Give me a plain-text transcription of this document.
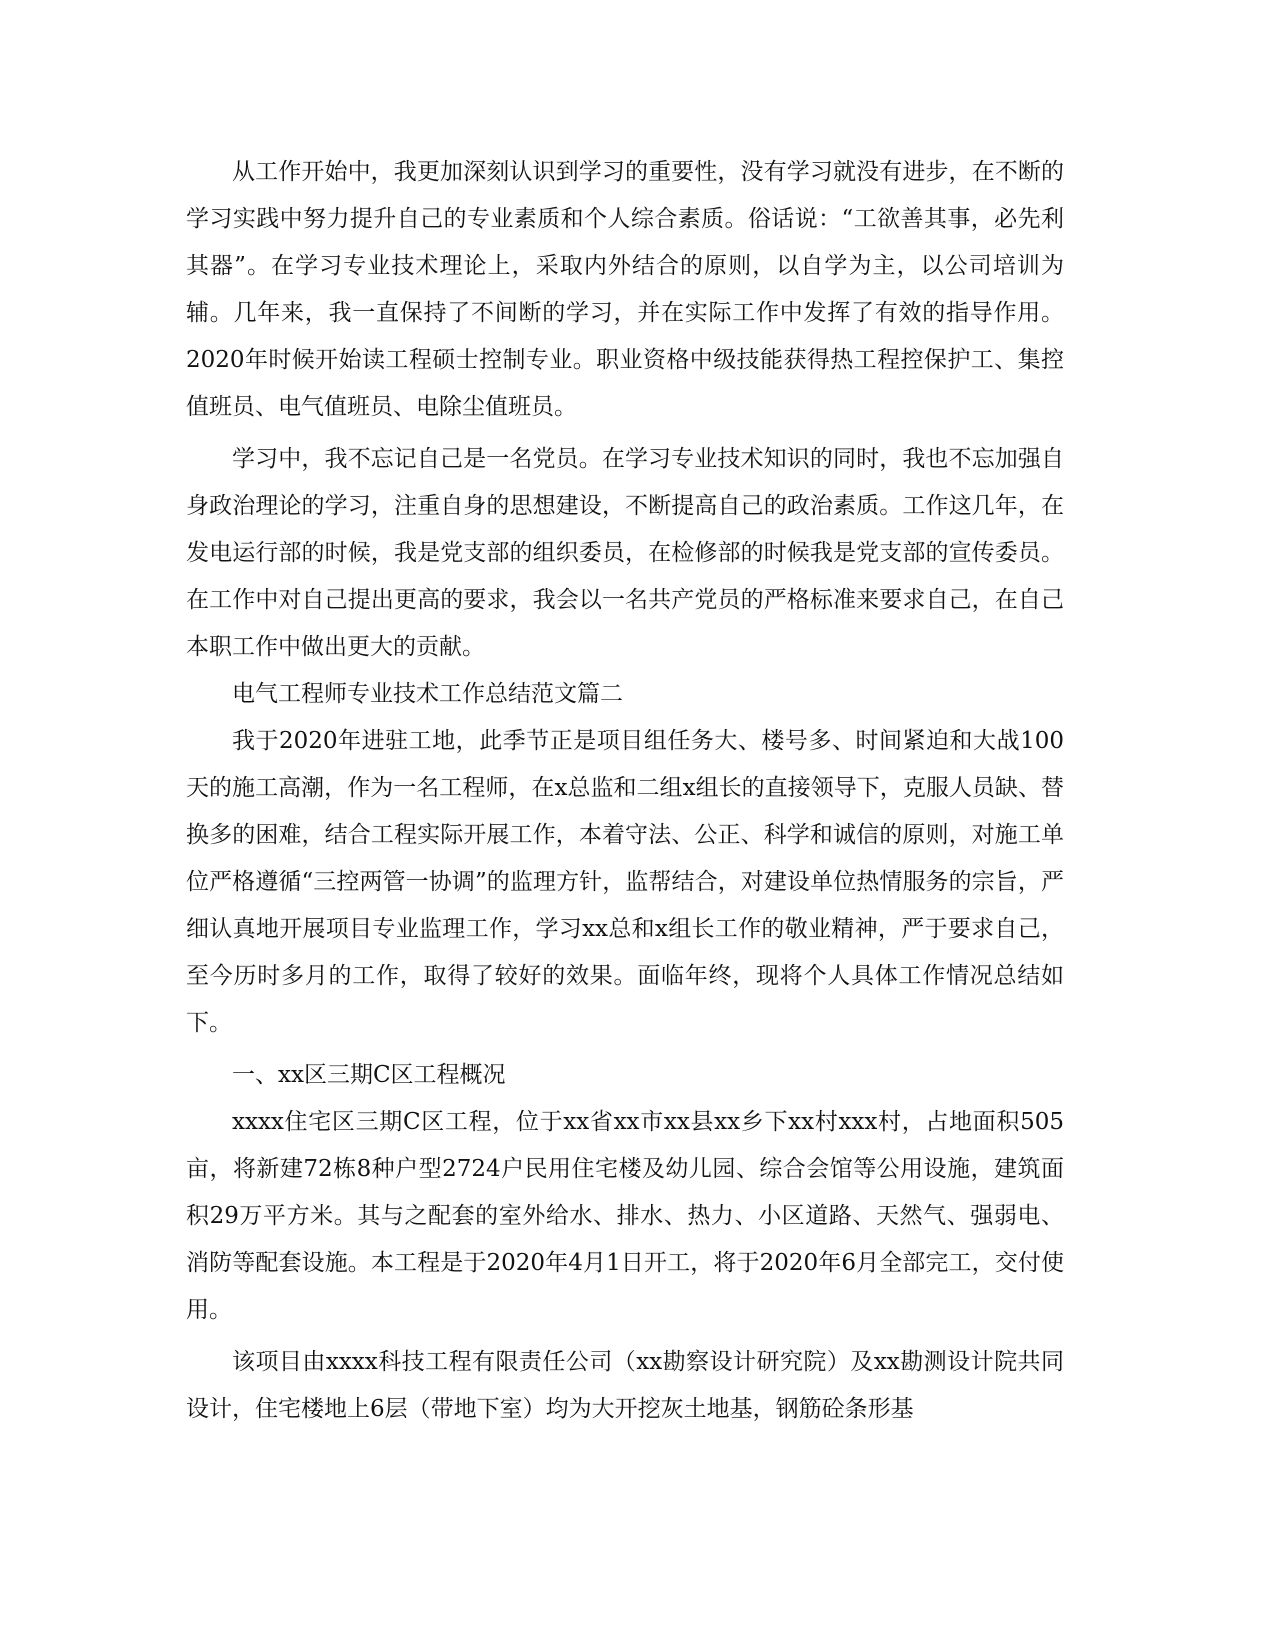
从工作开始中，我更加深刻认识到学习的重要性，没有学习就没有进步，在不断的学习实践中努力提升自己的专业素质和个人综合素质。俗话说：“工欲善其事，必先利其器”。在学习专业技术理论上，采取内外结合的原则，以自学为主，以公司培训为辅。几年来，我一直保持了不间断的学习，并在实际工作中发挥了有效的指导作用。2020年时候开始读工程硕士控制专业。职业资格中级技能获得热工程控保护工、集控值班员、电气值班员、电除尘值班员。

学习中，我不忘记自己是一名党员。在学习专业技术知识的同时，我也不忘加强自身政治理论的学习，注重自身的思想建设，不断提高自己的政治素质。工作这几年，在发电运行部的时候，我是党支部的组织委员，在检修部的时候我是党支部的宣传委员。在工作中对自己提出更高的要求，我会以一名共产党员的严格标准来要求自己，在自己本职工作中做出更大的贡献。

电气工程师专业技术工作总结范文篇二

我于2020年进驻工地，此季节正是项目组任务大、楼号多、时间紧迫和大战100天的施工高潮，作为一名工程师，在x总监和二组x组长的直接领导下，克服人员缺、替换多的困难，结合工程实际开展工作，本着守法、公正、科学和诚信的原则，对施工单位严格遵循“三控两管一协调”的监理方针，监帮结合，对建设单位热情服务的宗旨，严细认真地开展项目专业监理工作，学习xx总和x组长工作的敬业精神，严于要求自己，至今历时多月的工作，取得了较好的效果。面临年终，现将个人具体工作情况总结如下。

一、xx区三期C区工程概况

xxxx住宅区三期C区工程，位于xx省xx市xx县xx乡下xx村xxx村，占地面积505亩，将新建72栋8种户型2724户民用住宅楼及幼儿园、综合会馆等公用设施，建筑面积29万平方米。其与之配套的室外给水、排水、热力、小区道路、天然气、强弱电、消防等配套设施。本工程是于2020年4月1日开工，将于2020年6月全部完工，交付使用。

该项目由xxxx科技工程有限责任公司（xx勘察设计研究院）及xx勘测设计院共同设计，住宅楼地上6层（带地下室）均为大开挖灰土地基，钢筋砼条形基
